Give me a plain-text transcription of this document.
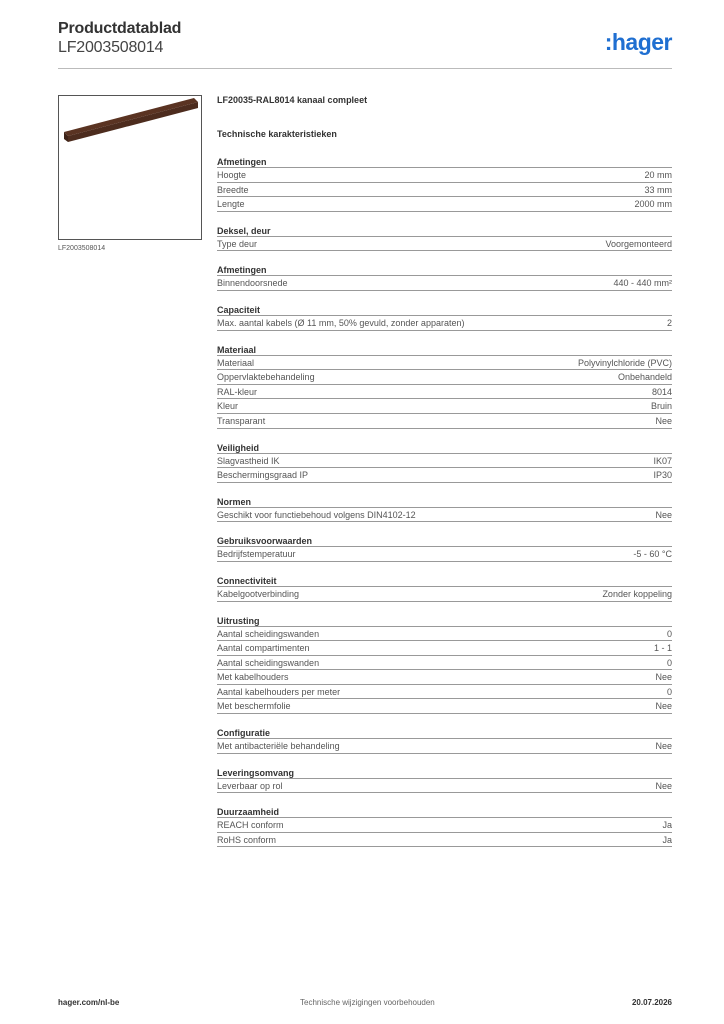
Productdatablad
LF2003508014	:hager
LF2003508014
LF20035-RAL8014 kanaal compleet
Technische karakteristieken
Afmetingen
Hoogte	20 mm
Breedte	33 mm
Lengte	2000 mm
Deksel, deur
Type deur	Voorgemonteerd
Afmetingen
Binnendoorsnede	440 - 440 mm²
Capaciteit
Max. aantal kabels (Ø 11 mm, 50% gevuld, zonder apparaten)	2
Materiaal
Materiaal	Polyvinylchloride (PVC)
Oppervlaktebehandeling	Onbehandeld
RAL-kleur	8014
Kleur	Bruin
Transparant	Nee
Veiligheid
Slagvastheid IK	IK07
Beschermingsgraad IP	IP30
Normen
Geschikt voor functiebehoud volgens DIN4102-12	Nee
Gebruiksvoorwaarden
Bedrijfstemperatuur	-5 - 60 °C
Connectiviteit
Kabelgootverbinding	Zonder koppeling
Uitrusting
Aantal scheidingswanden	0
Aantal compartimenten	1 - 1
Aantal scheidingswanden	0
Met kabelhouders	Nee
Aantal kabelhouders per meter	0
Met beschermfolie	Nee
Configuratie
Met antibacteriële behandeling	Nee
Leveringsomvang
Leverbaar op rol	Nee
Duurzaamheid
REACH conform	Ja
RoHS conform	Ja
hager.com/nl-be	Technische wijzigingen voorbehouden	20.07.2026
